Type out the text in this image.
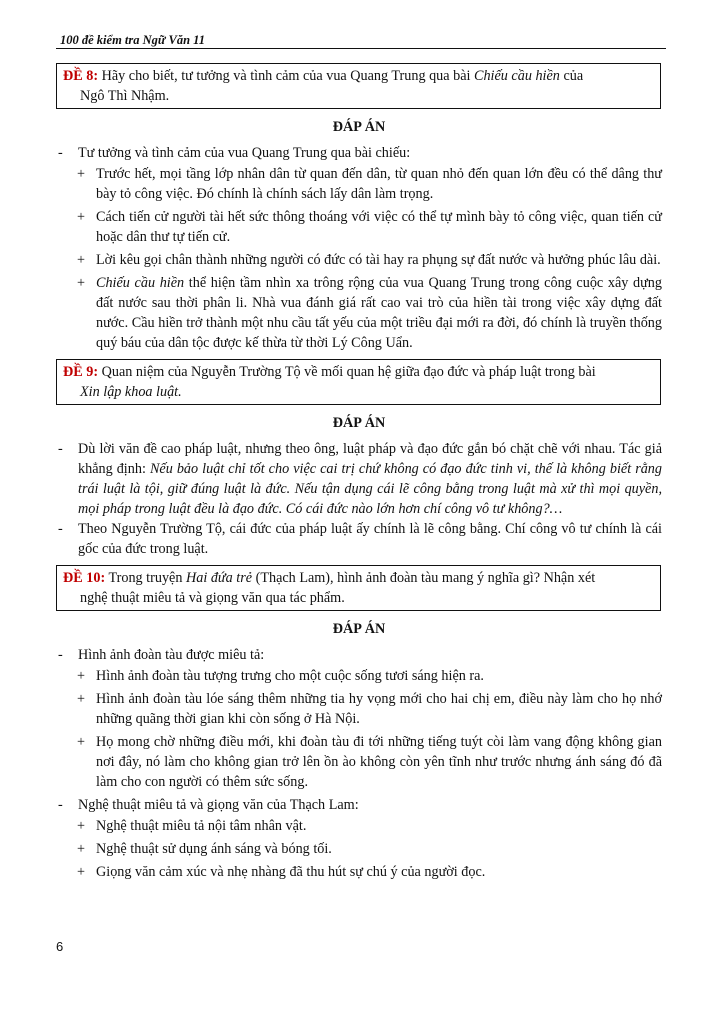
100 đề kiểm tra Ngữ Văn 11
ĐỀ 8: Hãy cho biết, tư tưởng và tình cảm của vua Quang Trung qua bài Chiếu cầu hiền của
Ngô Thì Nhậm.
ĐÁP ÁN
- Tư tưởng và tình cảm của vua Quang Trung qua bài chiếu:
+ Trước hết, mọi tầng lớp nhân dân từ quan đến dân, từ quan nhỏ đến quan lớn đều có thể dâng thư bày tỏ công việc. Đó chính là chính sách lấy dân làm trọng.
+ Cách tiến cử người tài hết sức thông thoáng với việc có thể tự mình bày tỏ công việc, quan tiến cử hoặc dân thư tự tiến cử.
+ Lời kêu gọi chân thành những người có đức có tài hay ra phụng sự đất nước và hưởng phúc lâu dài.
+ Chiếu cầu hiền thể hiện tầm nhìn xa trông rộng của vua Quang Trung trong công cuộc xây dựng đất nước sau thời phân li. Nhà vua đánh giá rất cao vai trò của hiền tài trong việc xây dựng đất nước. Cầu hiền trở thành một nhu cầu tất yếu của một triều đại mới ra đời, đó chính là truyền thống quý báu của dân tộc được kế thừa từ thời Lý Công Uẩn.
ĐỀ 9: Quan niệm của Nguyễn Trường Tộ về mối quan hệ giữa đạo đức và pháp luật trong bài
Xin lập khoa luật.
ĐÁP ÁN
- Dù lời văn đề cao pháp luật, nhưng theo ông, luật pháp và đạo đức gắn bó chặt chẽ với nhau. Tác giả khẳng định: Nếu bảo luật chỉ tốt cho việc cai trị chứ không có đạo đức tinh vi, thế là không biết rằng trái luật là tội, giữ đúng luật là đức. Nếu tận dụng cái lẽ công bằng trong luật mà xử thì mọi quyền, mọi pháp trong luật đều là đạo đức. Có cái đức nào lớn hơn chí công vô tư không?…
- Theo Nguyễn Trường Tộ, cái đức của pháp luật ấy chính là lẽ công bằng. Chí công vô tư chính là cái gốc của đức trong luật.
ĐỀ 10: Trong truyện Hai đứa trẻ (Thạch Lam), hình ảnh đoàn tàu mang ý nghĩa gì? Nhận xét
nghệ thuật miêu tả và giọng văn qua tác phẩm.
ĐÁP ÁN
- Hình ảnh đoàn tàu được miêu tả:
+ Hình ảnh đoàn tàu tượng trưng cho một cuộc sống tươi sáng hiện ra.
+ Hình ảnh đoàn tàu lóe sáng thêm những tia hy vọng mới cho hai chị em, điều này làm cho họ nhớ những quãng thời gian khi còn sống ở Hà Nội.
+ Họ mong chờ những điều mới, khi đoàn tàu đi tới những tiếng tuýt còi làm vang động không gian nơi đây, nó làm cho không gian trở lên ồn ào không còn yên tĩnh như trước nhưng ánh sáng đó đã làm cho con người có thêm sức sống.
- Nghệ thuật miêu tả và giọng văn của Thạch Lam:
+ Nghệ thuật miêu tả nội tâm nhân vật.
+ Nghệ thuật sử dụng ánh sáng và bóng tối.
+ Giọng văn cảm xúc và nhẹ nhàng đã thu hút sự chú ý của người đọc.
6
